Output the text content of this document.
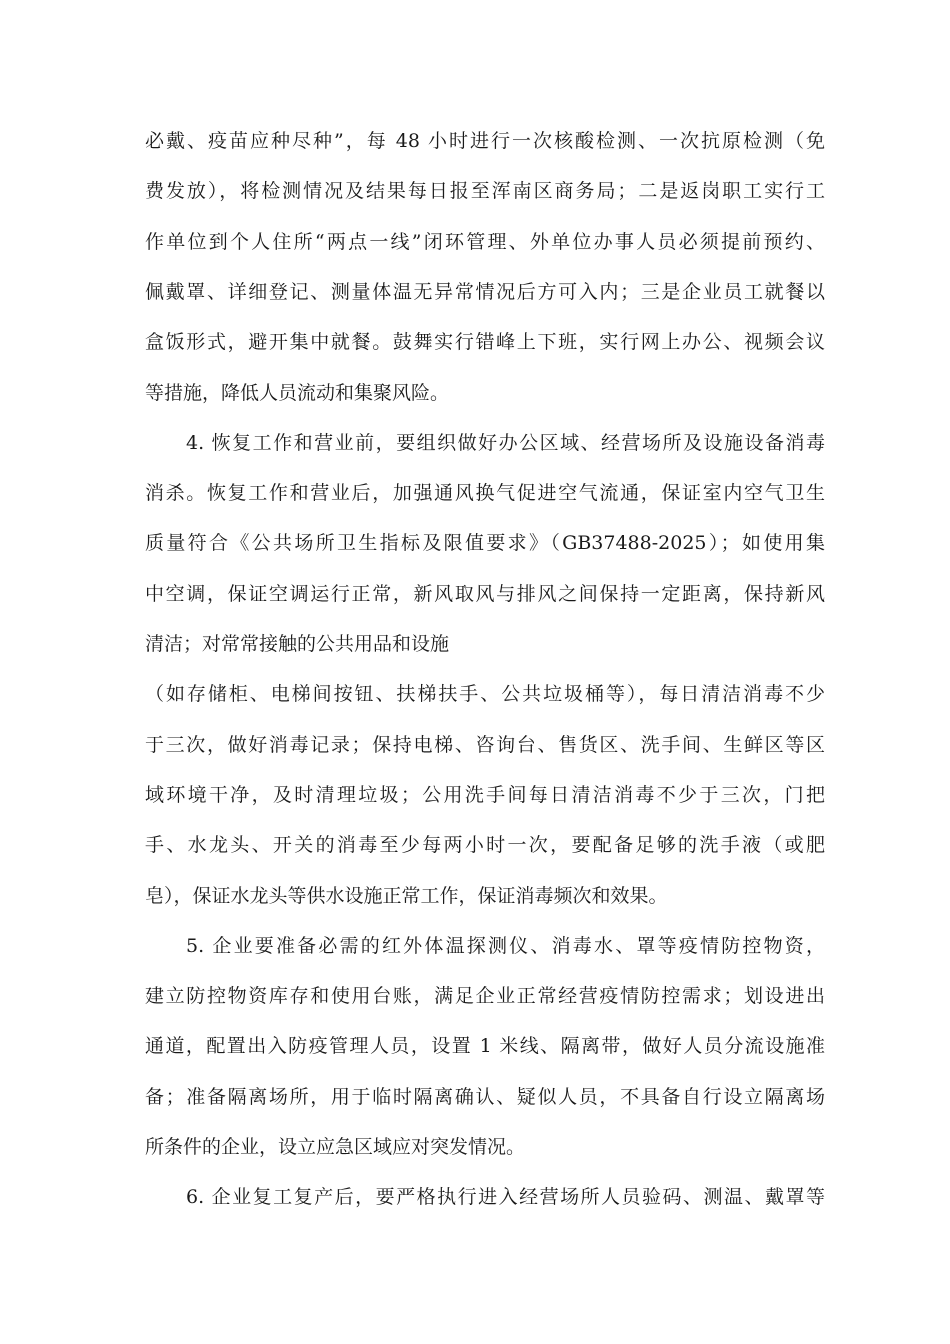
必戴、疫苗应种尽种”，每 48 小时进行一次核酸检测、一次抗原检测（免
费发放），将检测情况及结果每日报至浑南区商务局；二是返岗职工实行工
作单位到个人住所“两点一线”闭环管理、外单位办事人员必须提前预约、
佩戴罩、详细登记、测量体温无异常情况后方可入内；三是企业员工就餐以
盒饭形式，避开集中就餐。鼓舞实行错峰上下班，实行网上办公、视频会议
等措施，降低人员流动和集聚风险。
4. 恢复工作和营业前，要组织做好办公区域、经营场所及设施设备消毒
消杀。恢复工作和营业后，加强通风换气促进空气流通，保证室内空气卫生
质量符合《公共场所卫生指标及限值要求》（GB37488-2025）；如使用集
中空调，保证空调运行正常，新风取风与排风之间保持一定距离，保持新风
清洁；对常常接触的公共用品和设施
（如存储柜、电梯间按钮、扶梯扶手、公共垃圾桶等），每日清洁消毒不少
于三次，做好消毒记录；保持电梯、咨询台、售货区、洗手间、生鲜区等区
域环境干净，及时清理垃圾；公用洗手间每日清洁消毒不少于三次，门把
手、水龙头、开关的消毒至少每两小时一次，要配备足够的洗手液（或肥
皂），保证水龙头等供水设施正常工作，保证消毒频次和效果。
5. 企业要准备必需的红外体温探测仪、消毒水、罩等疫情防控物资，
建立防控物资库存和使用台账，满足企业正常经营疫情防控需求；划设进出
通道，配置出入防疫管理人员，设置 1 米线、隔离带，做好人员分流设施准
备；准备隔离场所，用于临时隔离确认、疑似人员，不具备自行设立隔离场
所条件的企业，设立应急区域应对突发情况。
6. 企业复工复产后，要严格执行进入经营场所人员验码、测温、戴罩等
